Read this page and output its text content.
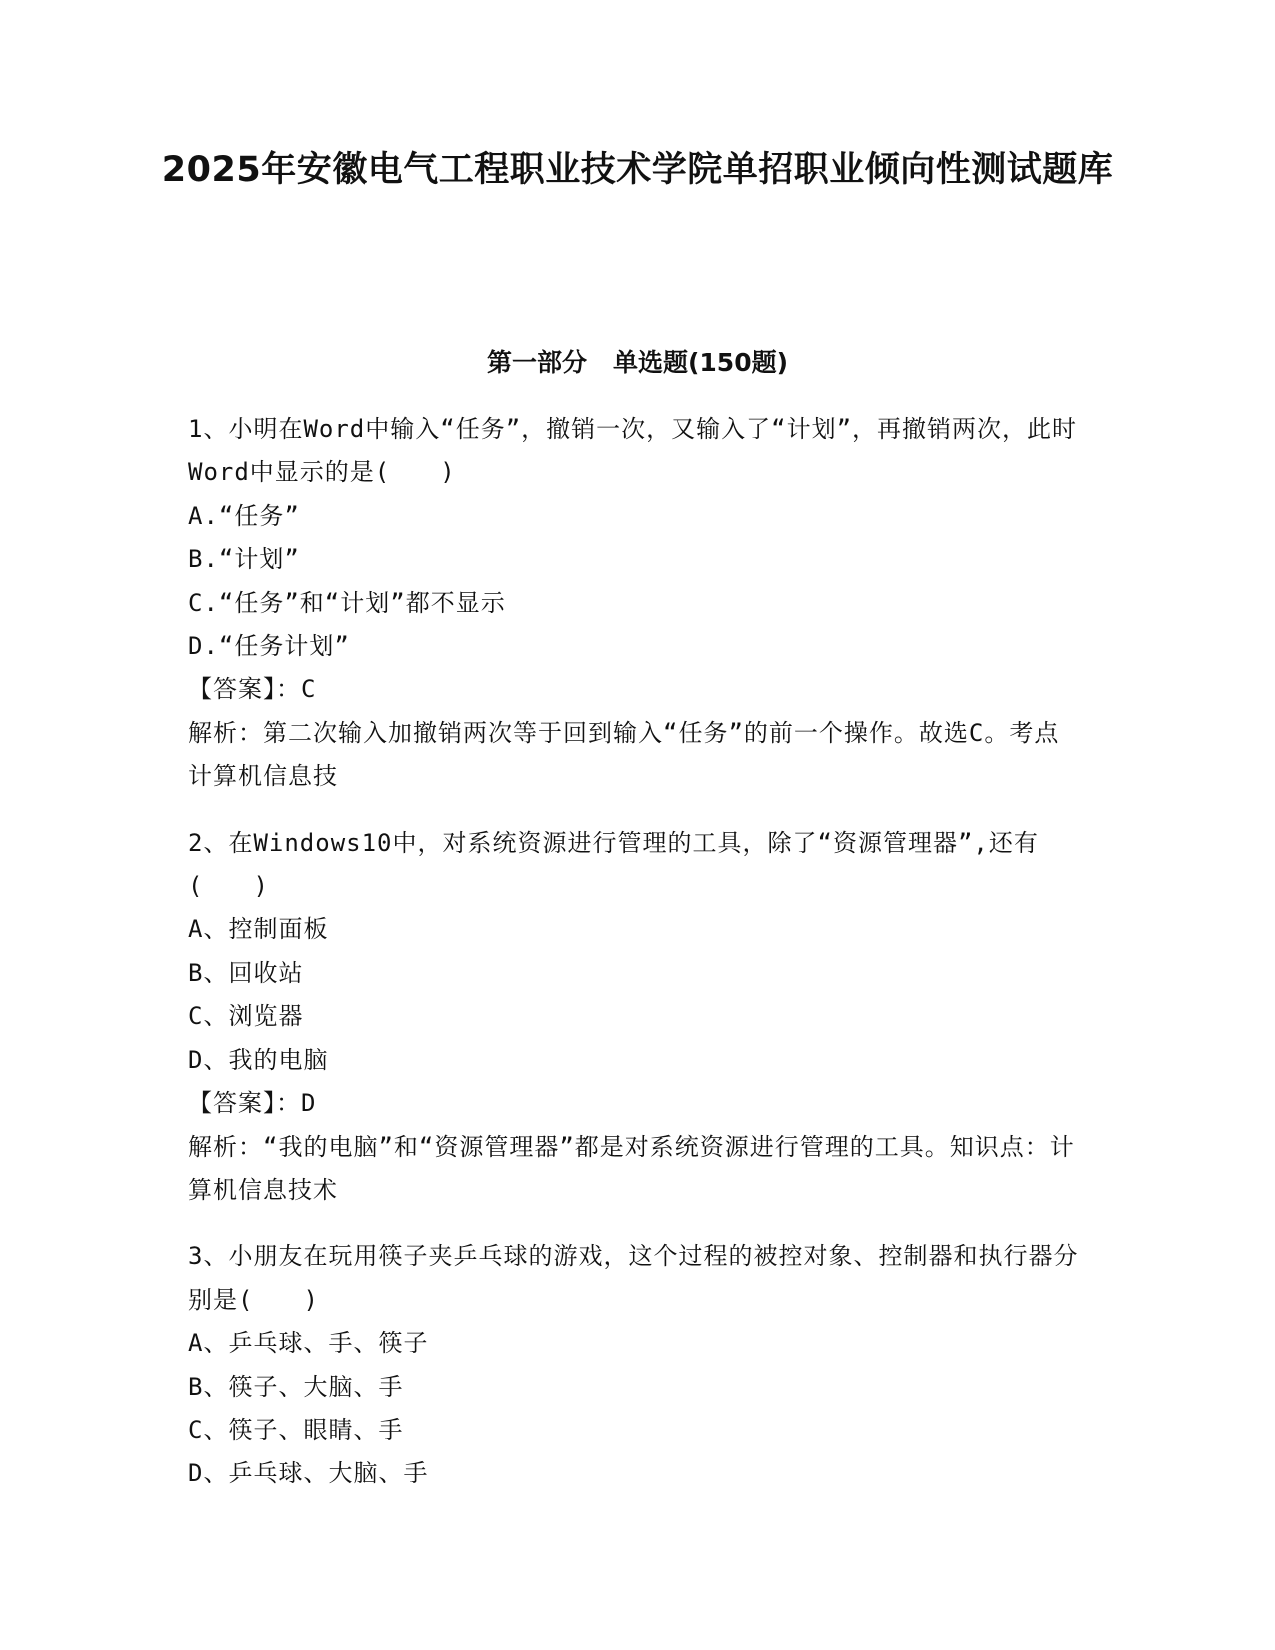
2025年安徽电气工程职业技术学院单招职业倾向性测试题库
第一部分 单选题(150题)
1、小明在Word中输入“任务”，撤销一次，又输入了“计划”，再撤销两次，此时Word中显示的是(　　)
A.“任务”
B.“计划”
C.“任务”和“计划”都不显示
D.“任务计划”
【答案】：C
解析：第二次输入加撤销两次等于回到输入“任务”的前一个操作。故选C。考点计算机信息技
2、在Windows10中，对系统资源进行管理的工具，除了“资源管理器”,还有(　　)
A、控制面板
B、回收站
C、浏览器
D、我的电脑
【答案】：D
解析：“我的电脑”和“资源管理器”都是对系统资源进行管理的工具。知识点：计算机信息技术
3、小朋友在玩用筷子夹乒乓球的游戏，这个过程的被控对象、控制器和执行器分别是(　　)
A、乒乓球、手、筷子
B、筷子、大脑、手
C、筷子、眼睛、手
D、乒乓球、大脑、手
